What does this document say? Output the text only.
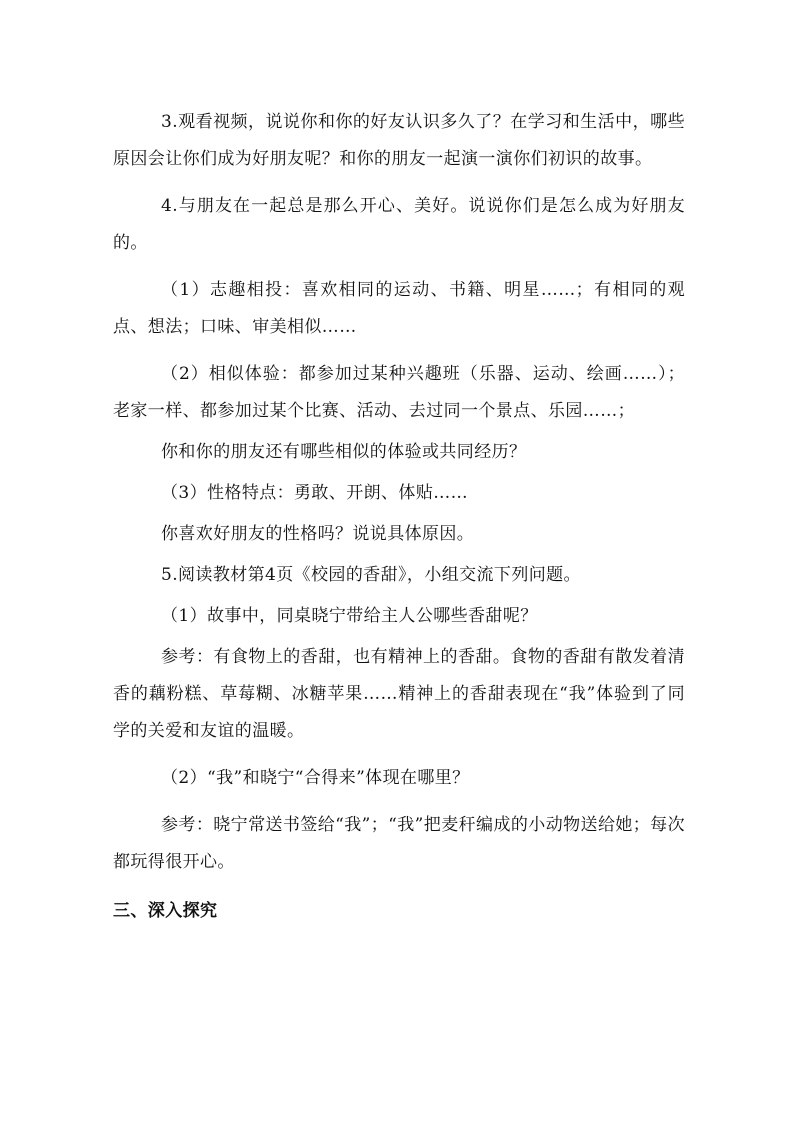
3.观看视频，说说你和你的好友认识多久了？在学习和生活中，哪些原因会让你们成为好朋友呢？和你的朋友一起演一演你们初识的故事。

4.与朋友在一起总是那么开心、美好。说说你们是怎么成为好朋友的。

（1）志趣相投：喜欢相同的运动、书籍、明星……；有相同的观点、想法；口味、审美相似……

（2）相似体验：都参加过某种兴趣班（乐器、运动、绘画……）；老家一样、都参加过某个比赛、活动、去过同一个景点、乐园……；

你和你的朋友还有哪些相似的体验或共同经历？

（3）性格特点：勇敢、开朗、体贴……

你喜欢好朋友的性格吗？说说具体原因。

5.阅读教材第4页《校园的香甜》，小组交流下列问题。

（1）故事中，同桌晓宁带给主人公哪些香甜呢？

参考：有食物上的香甜，也有精神上的香甜。食物的香甜有散发着清香的藕粉糕、草莓糊、冰糖苹果……精神上的香甜表现在“我”体验到了同学的关爱和友谊的温暖。

（2）“我”和晓宁“合得来”体现在哪里？

参考：晓宁常送书签给“我”；“我”把麦秆编成的小动物送给她；每次都玩得很开心。

三、深入探究
